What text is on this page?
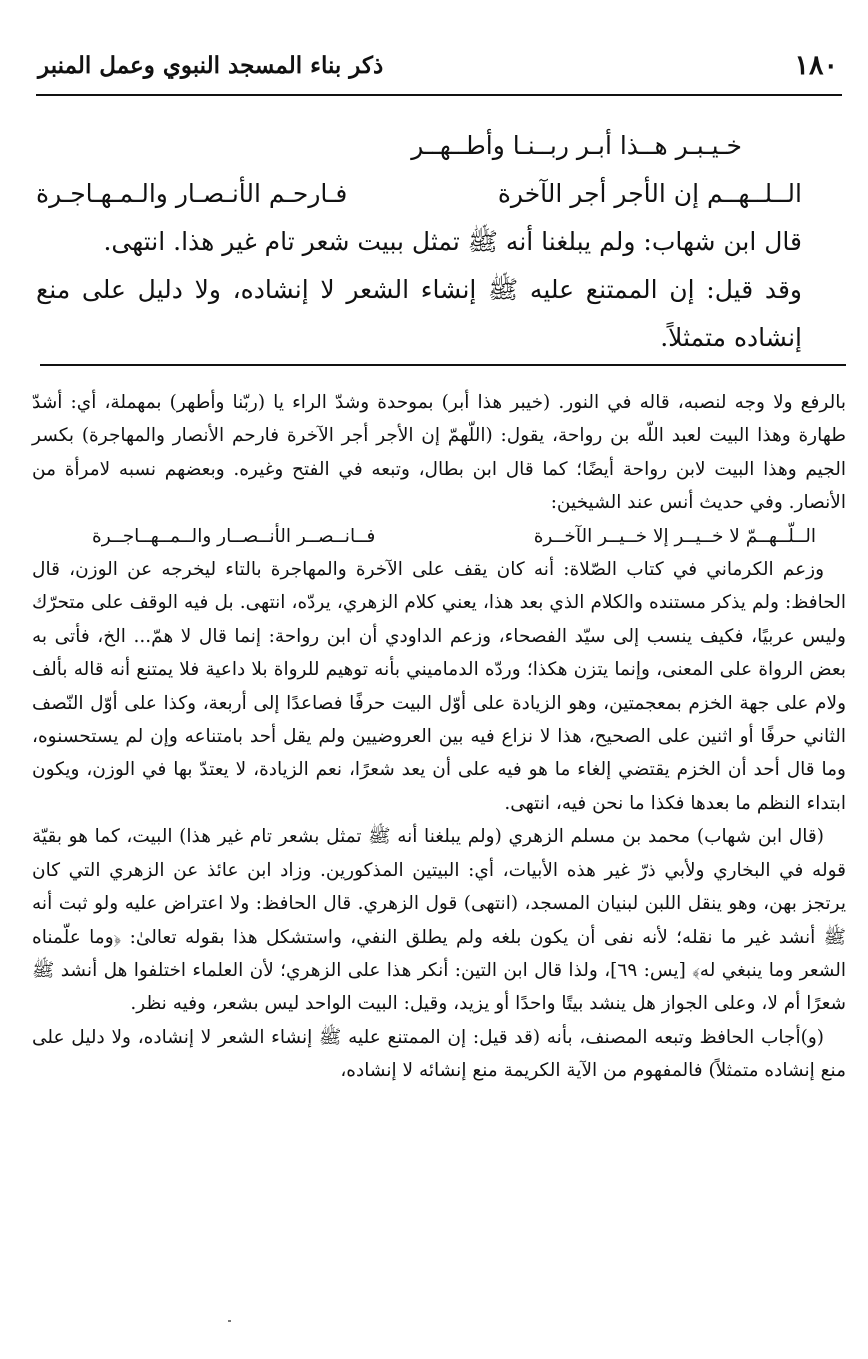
١٨٠
ذكر بناء المسجد النبوي وعمل المنبر
خـيـبـر هــذا أبـر ربــنـا وأطــهــر
الــلــهــم إن الأجر أجر الآخرة
فـارحـم الأنـصـار والـمـهـاجـرة

قال ابن شهاب: ولم يبلغنا أنه ﷺ تمثل ببيت شعر تام غير هذا. انتهى.

وقد قيل: إن الممتنع عليه ﷺ إنشاء الشعر لا إنشاده، ولا دليل على منع إنشاده متمثلاً.

بالرفع ولا وجه لنصبه، قاله في النور. (خيبر هذا أبر) بموحدة وشدّ الراء يا (ربّنا وأطهر) بمهملة، أي: أشدّ طهارة وهذا البيت لعبد اللّه بن رواحة، يقول: (اللّهمّ إن الأجر أجر الآخرة فارحم الأنصار والمهاجرة) بكسر الجيم وهذا البيت لابن رواحة أيضًا؛ كما قال ابن بطال، وتبعه في الفتح وغيره. وبعضهم نسبه لامرأة من الأنصار. وفي حديث أنس عند الشيخين:

الــلّــهــمّ لا خــيــر إلا خــيــر الآخــرة
فــانــصــر الأنــصــار والــمــهــاجــرة

وزعم الكرماني في كتاب الصّلاة: أنه كان يقف على الآخرة والمهاجرة بالتاء ليخرجه عن الوزن، قال الحافظ: ولم يذكر مستنده والكلام الذي بعد هذا، يعني كلام الزهري، يردّه، انتهى. بل فيه الوقف على متحرّك وليس عربيًا، فكيف ينسب إلى سيّد الفصحاء، وزعم الداودي أن ابن رواحة: إنما قال لا همّ... الخ، فأتى به بعض الرواة على المعنى، وإنما يتزن هكذا؛ وردّه الدماميني بأنه توهيم للرواة بلا داعية فلا يمتنع أنه قاله بألف ولام على جهة الخزم بمعجمتين، وهو الزيادة على أوّل البيت حرفًا فصاعدًا إلى أربعة، وكذا على أوّل النّصف الثاني حرفًا أو اثنين على الصحيح، هذا لا نزاع فيه بين العروضيين ولم يقل أحد بامتناعه وإن لم يستحسنوه، وما قال أحد أن الخزم يقتضي إلغاء ما هو فيه على أن يعد شعرًا، نعم الزيادة، لا يعتدّ بها في الوزن، ويكون ابتداء النظم ما بعدها فكذا ما نحن فيه، انتهى.

(قال ابن شهاب) محمد بن مسلم الزهري (ولم يبلغنا أنه ﷺ تمثل بشعر تام غير هذا) البيت، كما هو بقيّة قوله في البخاري ولأبي ذرّ غير هذه الأبيات، أي: البيتين المذكورين. وزاد ابن عائذ عن الزهري التي كان يرتجز بهن، وهو ينقل اللبن لبنيان المسجد، (انتهى) قول الزهري. قال الحافظ: ولا اعتراض عليه ولو ثبت أنه ﷺ أنشد غير ما نقله؛ لأنه نفى أن يكون بلغه ولم يطلق النفي، واستشكل هذا بقوله تعالىٰ: ﴿وما علّمناه الشعر وما ينبغي له﴾ [يس: ٦٩]، ولذا قال ابن التين: أنكر هذا على الزهري؛ لأن العلماء اختلفوا هل أنشد ﷺ شعرًا أم لا، وعلى الجواز هل ينشد بيتًا واحدًا أو يزيد، وقيل: البيت الواحد ليس بشعر، وفيه نظر.

(و)أجاب الحافظ وتبعه المصنف، بأنه (قد قيل: إن الممتنع عليه ﷺ إنشاء الشعر لا إنشاده، ولا دليل على منع إنشاده متمثلاً) فالمفهوم من الآية الكريمة منع إنشائه لا إنشاده،
